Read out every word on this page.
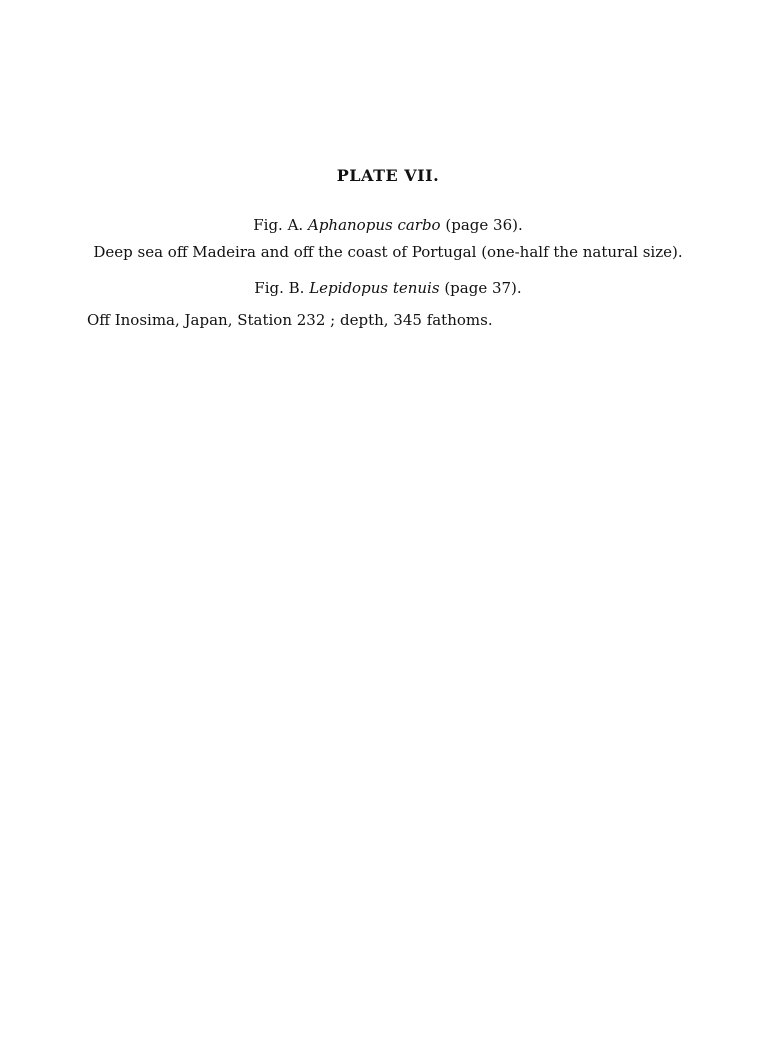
PLATE VII.

Fig. A. Aphanopus carbo (page 36).

Deep sea off Madeira and off the coast of Portugal (one-half the natural size).

Fig. B. Lepidopus tenuis (page 37).

Off Inosima, Japan, Station 232 ; depth, 345 fathoms.
